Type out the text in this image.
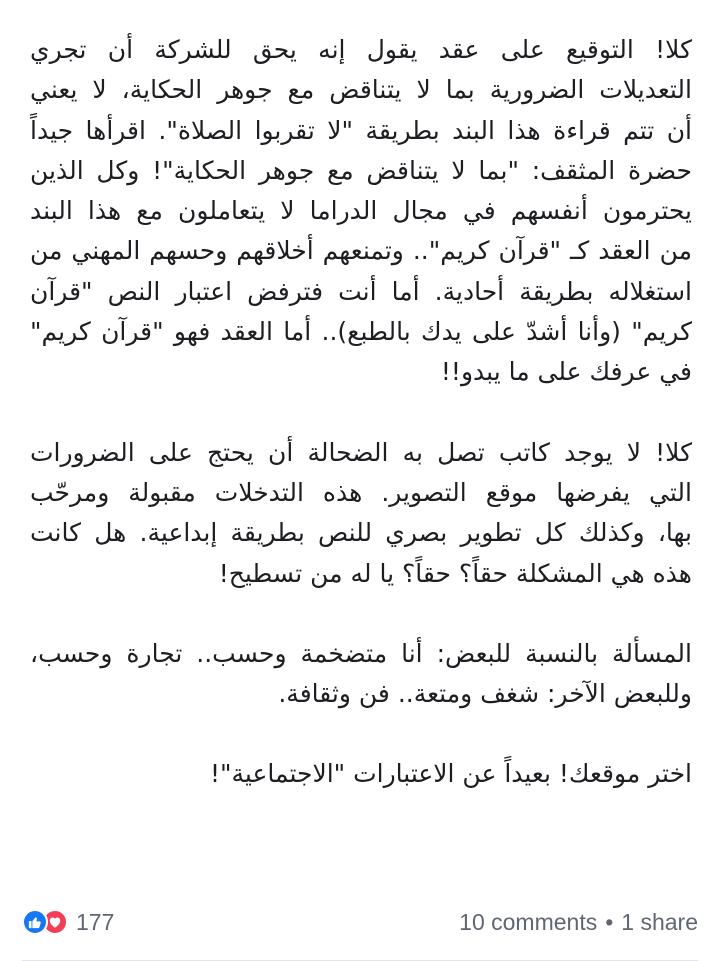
كلا! التوقيع على عقد يقول إنه يحق للشركة أن تجري
التعديلات الضرورية بما لا يتناقض مع جوهر الحكاية، لا يعني
أن تتم قراءة هذا البند بطريقة "لا تقربوا الصلاة". اقرأها جيداً
حضرة المثقف: "بما لا يتناقض مع جوهر الحكاية"! وكل الذين
يحترمون أنفسهم في مجال الدراما لا يتعاملون مع هذا البند
من العقد كـ "قرآن كريم".. وتمنعهم أخلاقهم وحسهم المهني من
استغلاله بطريقة أحادية. أما أنت فترفض اعتبار النص "قرآن
كريم" (وأنا أشدّ على يدك بالطبع).. أما العقد فهو "قرآن كريم"
في عرفك على ما يبدو!!
كلا! لا يوجد كاتب تصل به الضحالة أن يحتج على الضرورات
التي يفرضها موقع التصوير. هذه التدخلات مقبولة ومرحّب
بها، وكذلك كل تطوير بصري للنص بطريقة إبداعية. هل كانت
هذه هي المشكلة حقاً؟ حقاً؟ يا له من تسطيح!
المسألة بالنسبة للبعض: أنا متضخمة وحسب.. تجارة وحسب،
وللبعض الآخر: شغف ومتعة.. فن وثقافة.
اختر موقعك! بعيداً عن الاعتبارات "الاجتماعية"!
177	10 comments • 1 share
